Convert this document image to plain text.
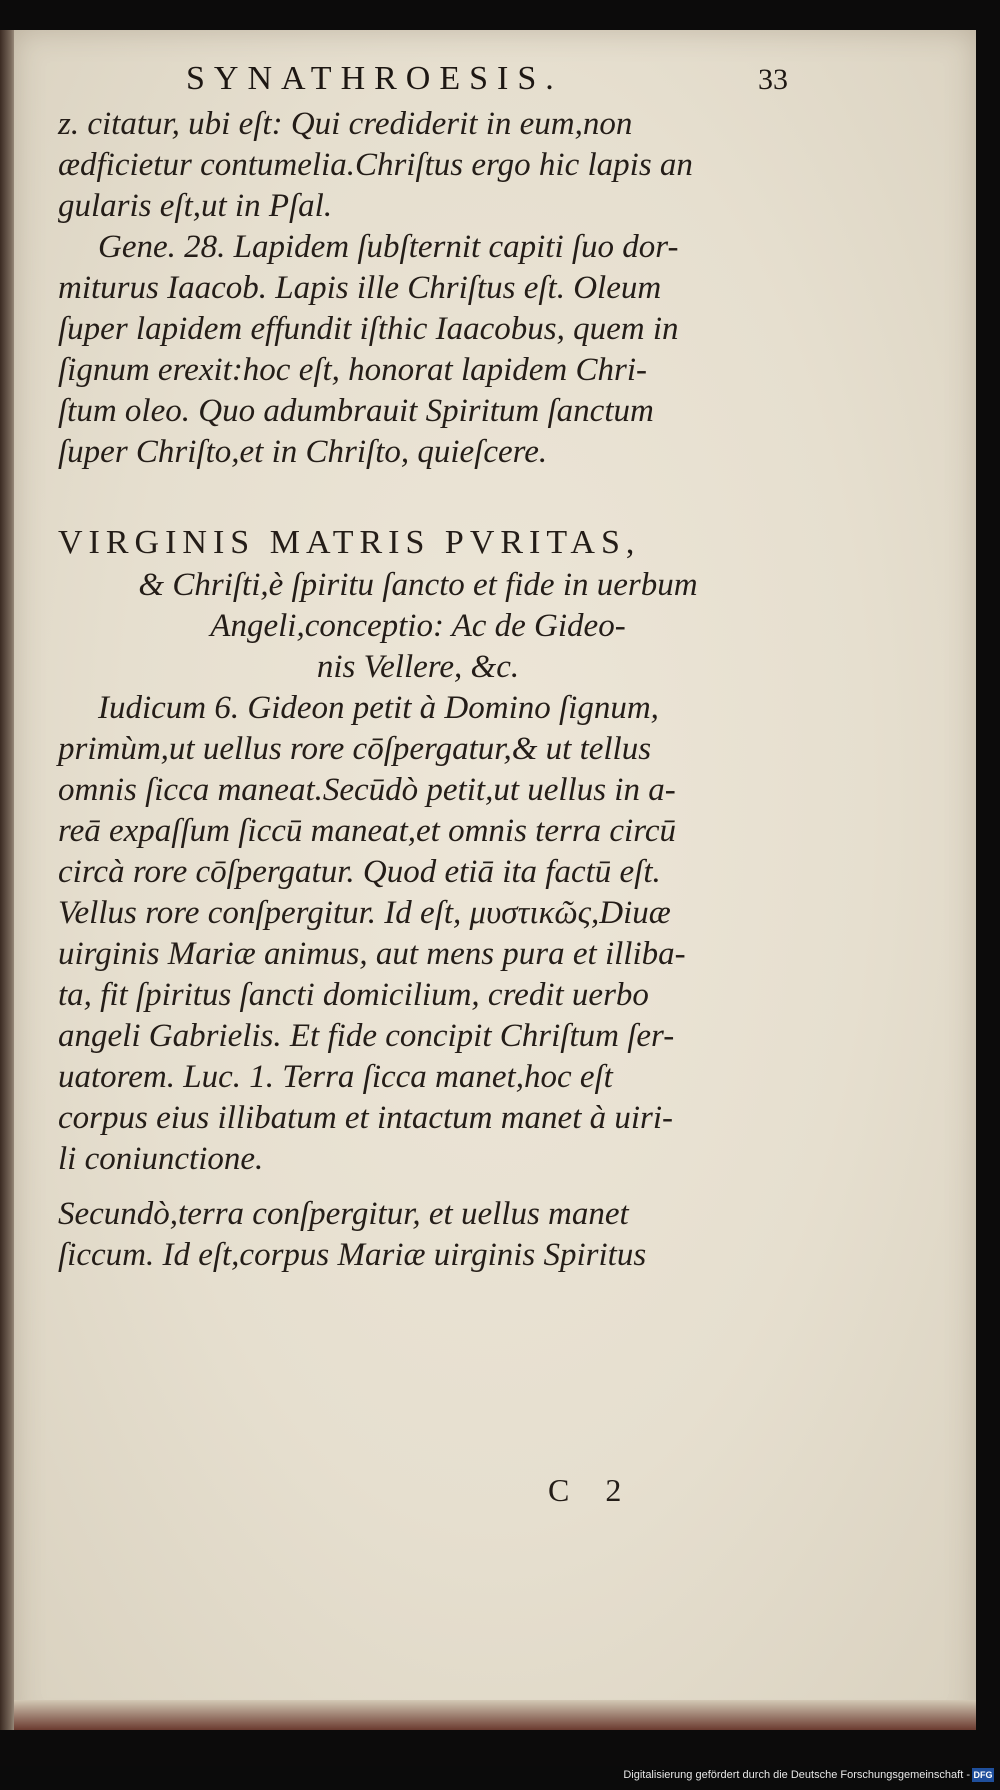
SYNATHROESIS.	33
z. citatur, ubi eſt: Qui crediderit in eum,non
ædficietur contumelia.Chriſtus ergo hic lapis an
gularis eſt,ut in Pſal.
Gene. 28. Lapidem ſubſternit capiti ſuo dor-
miturus Iaacob. Lapis ille Chriſtus eſt. Oleum
ſuper lapidem effundit iſthic Iaacobus, quem in
ſignum erexit:hoc eſt, honorat lapidem Chri-
ſtum oleo. Quo adumbrauit Spiritum ſanctum
ſuper Chriſto,et in Chriſto, quieſcere.
VIRGINIS MATRIS PVRITAS,
& Chriſti,è ſpiritu ſancto et fide in uerbum
Angeli,conceptio: Ac de Gideo-
nis Vellere, &c.
Iudicum 6. Gideon petit à Domino ſignum,
primùm,ut uellus rore cōſpergatur,& ut tellus
omnis ſicca maneat.Secūdò petit,ut uellus in a-
reā expaſſum ſiccū maneat,et omnis terra circū
circà rore cōſpergatur. Quod etiā ita factū eſt.
Vellus rore conſpergitur. Id eſt, μυστικῶς,Diuæ
uirginis Mariæ animus, aut mens pura et illiba-
ta, fit ſpiritus ſancti domicilium, credit uerbo
angeli Gabrielis. Et fide concipit Chriſtum ſer-
uatorem. Luc. 1. Terra ſicca manet,hoc eſt
corpus eius illibatum et intactum manet à uiri-
li coniunctione.
Secundò,terra conſpergitur, et uellus manet
ſiccum. Id eſt,corpus Mariæ uirginis Spiritus
C 2
Digitalisierung gefördert durch die Deutsche Forschungsgemeinschaft - DFG
